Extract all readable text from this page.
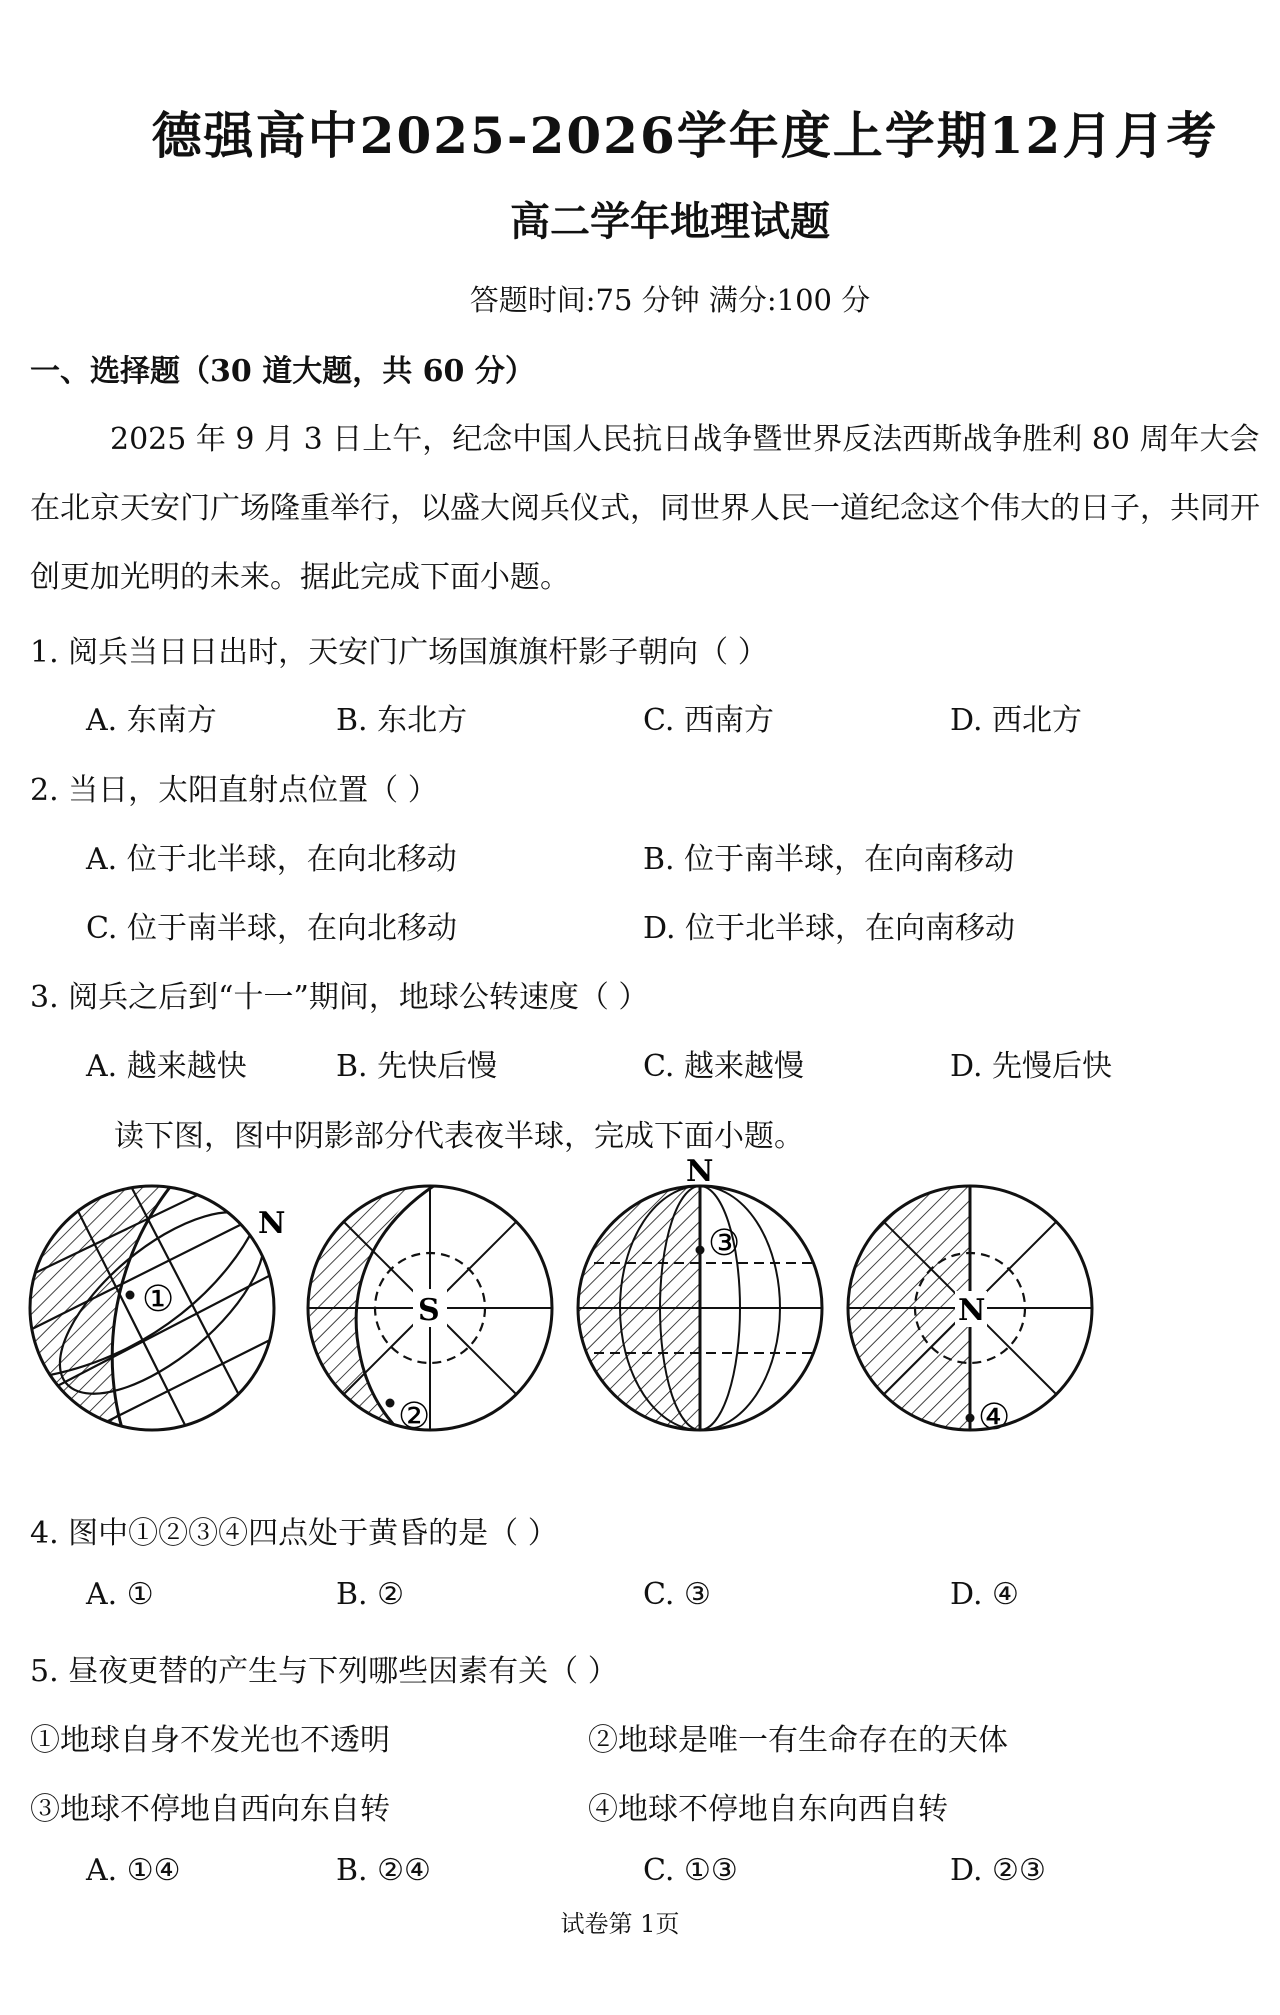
德强高中2025-2026学年度上学期12月月考
高二学年地理试题
答题时间:75 分钟 满分:100 分
一、选择题（30 道大题，共 60 分）
2025 年 9 月 3 日上午，纪念中国人民抗日战争暨世界反法西斯战争胜利 80 周年大会在北京天安门广场隆重举行，以盛大阅兵仪式，同世界人民一道纪念这个伟大的日子，共同开创更加光明的未来。据此完成下面小题。
1. 阅兵当日日出时，天安门广场国旗旗杆影子朝向（ ）
A. 东南方	B. 东北方	C. 西南方	D. 西北方
2. 当日，太阳直射点位置（ ）
A. 位于北半球，在向北移动	B. 位于南半球，在向南移动
C. 位于南半球，在向北移动	D. 位于北半球，在向南移动
3. 阅兵之后到“十一”期间，地球公转速度（ ）
A. 越来越快	B. 先快后慢	C. 越来越慢	D. 先慢后快
读下图，图中阴影部分代表夜半球，完成下面小题。
①
N
S
②
N
③
N
④
4. 图中①②③④四点处于黄昏的是（ ）
A. ①	B. ②	C. ③	D. ④
5. 昼夜更替的产生与下列哪些因素有关（ ）
①地球自身不发光也不透明	②地球是唯一有生命存在的天体
③地球不停地自西向东自转	④地球不停地自东向西自转
A. ①④	B. ②④	C. ①③	D. ②③
试卷第 1页
